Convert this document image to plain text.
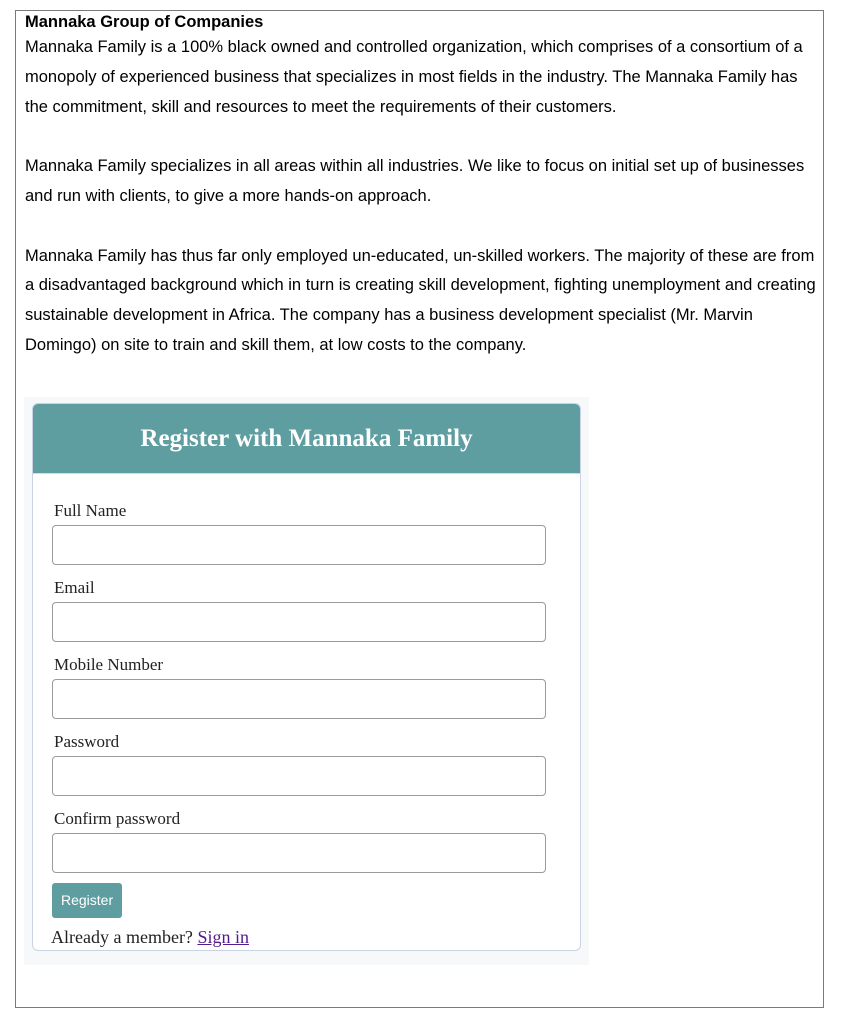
Mannaka Group of Companies

Mannaka Family is a 100% black owned and controlled organization, which comprises of a consortium of a monopoly of experienced business that specializes in most fields in the industry. The Mannaka Family has the commitment, skill and resources to meet the requirements of their customers.

Mannaka Family specializes in all areas within all industries. We like to focus on initial set up of businesses and run with clients, to give a more hands-on approach.

Mannaka Family has thus far only employed un-educated, un-skilled workers. The majority of these are from a disadvantaged background which in turn is creating skill development, fighting unemployment and creating sustainable development in Africa. The company has a business development specialist (Mr. Marvin Domingo) on site to train and skill them, at low costs to the company.

Register with Mannaka Family
Full Name
Email
Mobile Number
Password
Confirm password
Register
Already a member? Sign in
